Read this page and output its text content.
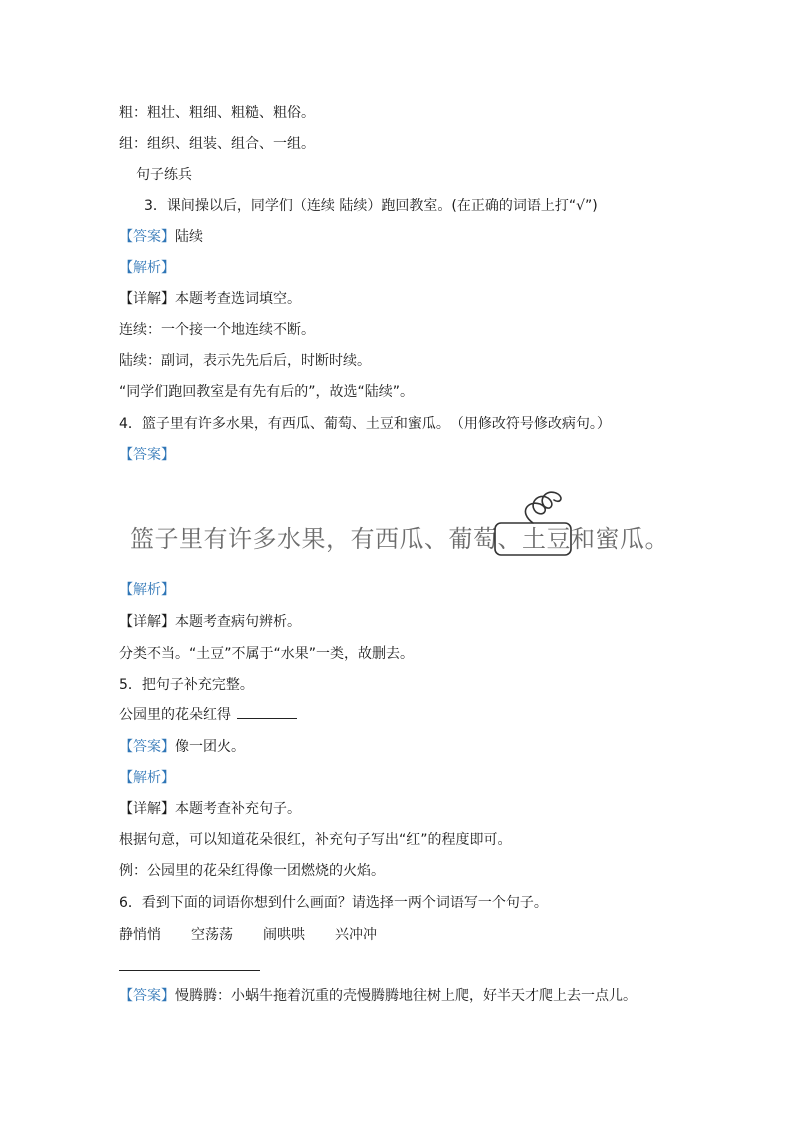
粗：粗壮、粗细、粗糙、粗俗。

组：组织、组装、组合、一组。

句子练兵

3．课间操以后，同学们（连续 陆续）跑回教室。(在正确的词语上打“√”)

【答案】陆续

【解析】

【详解】本题考查选词填空。

连续：一个接一个地连续不断。

陆续：副词，表示先先后后，时断时续。

“同学们跑回教室是有先有后的”，故选“陆续”。

4．篮子里有许多水果，有西瓜、葡萄、土豆和蜜瓜。　（用修改符号修改病句。）

【答案】

篮子里有许多水果，有西瓜、葡萄、土豆和蜜瓜。

【解析】

【详解】本题考查病句辨析。

分类不当。“土豆”不属于“水果”一类，故删去。

5．把句子补充完整。

公园里的花朵红得

【答案】像一团火。

【解析】

【详解】本题考查补充句子。

根据句意，可以知道花朵很红，补充句子写出“红”的程度即可。

例：公园里的花朵红得像一团燃烧的火焰。

6．看到下面的词语你想到什么画面？请选择一两个词语写一个句子。

静悄悄 空荡荡 闹哄哄 兴冲冲

【答案】慢腾腾：小蜗牛拖着沉重的壳慢腾腾地往树上爬，好半天才爬上去一点儿。
